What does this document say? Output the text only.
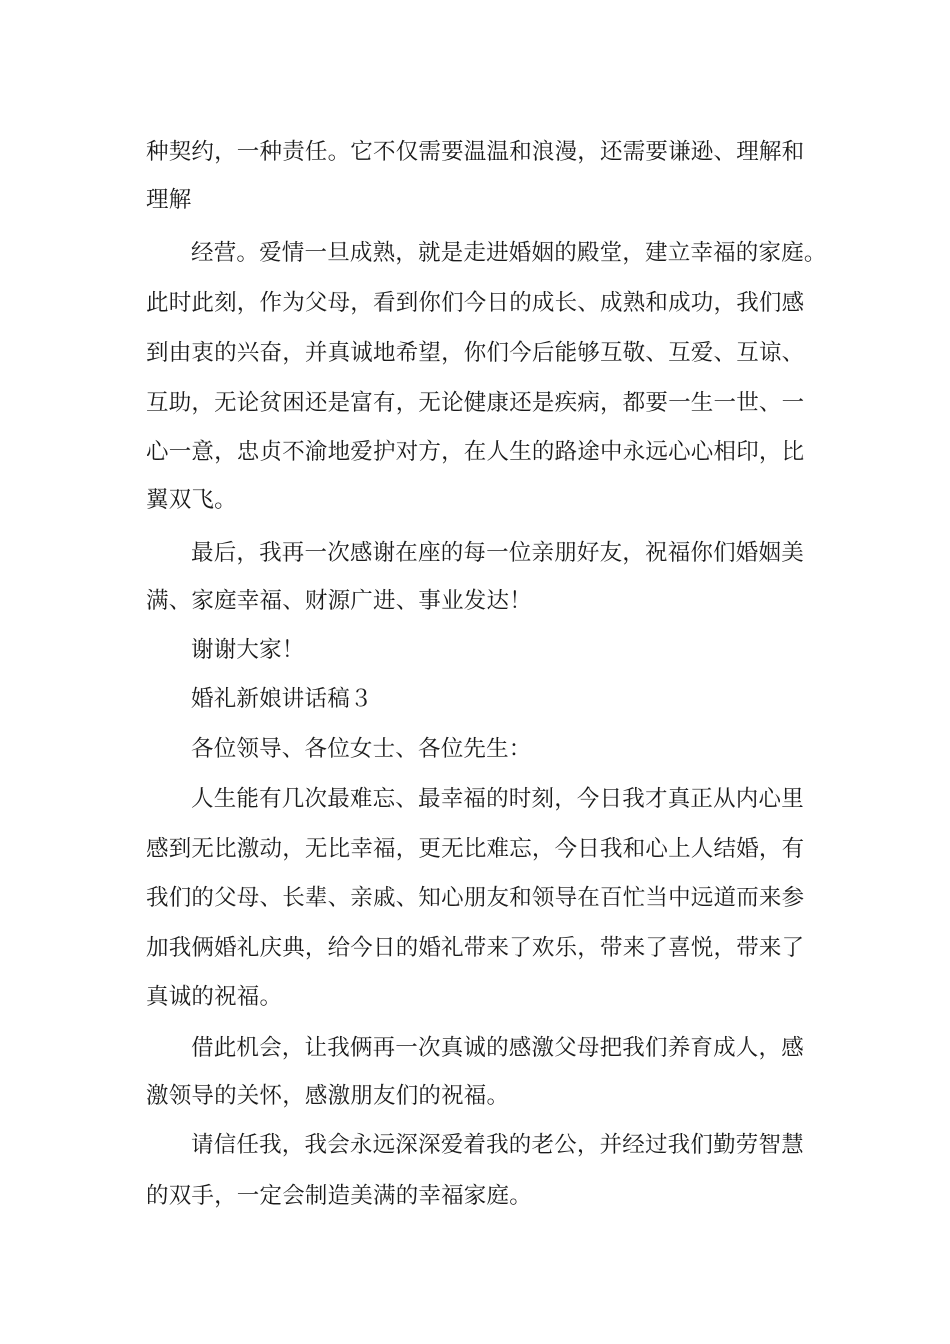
种契约，一种责任。它不仅需要温温和浪漫，还需要谦逊、理解和
理解
经营。爱情一旦成熟，就是走进婚姻的殿堂，建立幸福的家庭。
此时此刻，作为父母，看到你们今日的成长、成熟和成功，我们感
到由衷的兴奋，并真诚地希望，你们今后能够互敬、互爱、互谅、
互助，无论贫困还是富有，无论健康还是疾病，都要一生一世、一
心一意，忠贞不渝地爱护对方，在人生的路途中永远心心相印，比
翼双飞。
最后，我再一次感谢在座的每一位亲朋好友，祝福你们婚姻美
满、家庭幸福、财源广进、事业发达！
谢谢大家！
婚礼新娘讲话稿３
各位领导、各位女士、各位先生：
人生能有几次最难忘、最幸福的时刻，今日我才真正从内心里
感到无比激动，无比幸福，更无比难忘，今日我和心上人结婚，有
我们的父母、长辈、亲戚、知心朋友和领导在百忙当中远道而来参
加我俩婚礼庆典，给今日的婚礼带来了欢乐，带来了喜悦，带来了
真诚的祝福。
借此机会，让我俩再一次真诚的感激父母把我们养育成人，感
激领导的关怀，感激朋友们的祝福。
请信任我，我会永远深深爱着我的老公，并经过我们勤劳智慧
的双手，一定会制造美满的幸福家庭。
